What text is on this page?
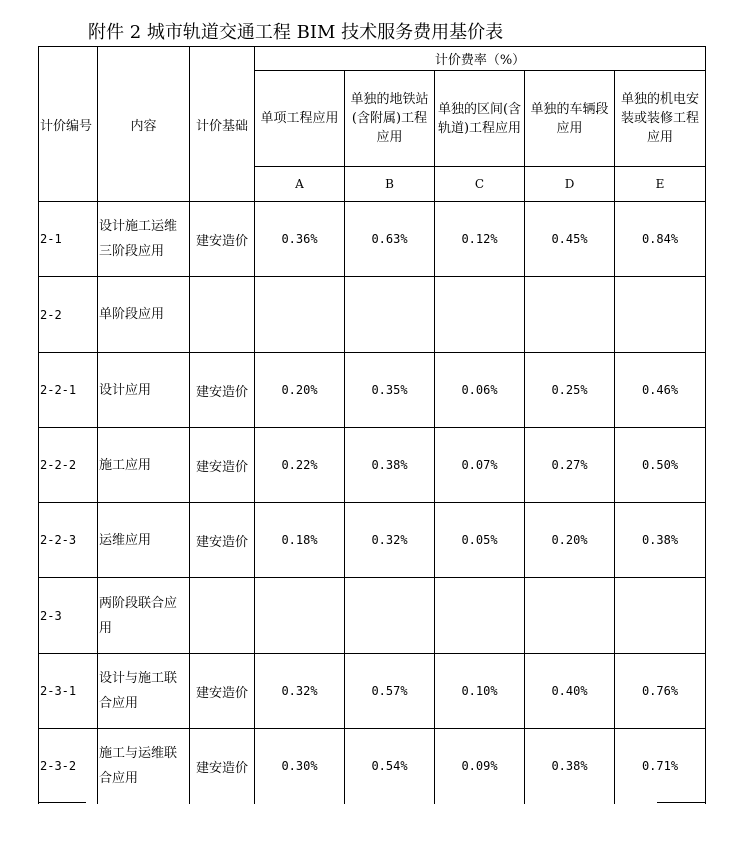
附件 2 城市轨道交通工程 BIM 技术服务费用基价表
计价编号	内容	计价基础	计价费率（%）				
			单项工程应用	单独的地铁站(含附属)工程应用	单独的区间(含轨道)工程应用	单独的车辆段应用	单独的机电安装或装修工程应用
			A	B	C	D	E
2-1	设计施工运维三阶段应用	建安造价	0.36%	0.63%	0.12%	0.45%	0.84%
2-2	单阶段应用						
2-2-1	设计应用	建安造价	0.20%	0.35%	0.06%	0.25%	0.46%
2-2-2	施工应用	建安造价	0.22%	0.38%	0.07%	0.27%	0.50%
2-2-3	运维应用	建安造价	0.18%	0.32%	0.05%	0.20%	0.38%
2-3	两阶段联合应用						
2-3-1	设计与施工联合应用	建安造价	0.32%	0.57%	0.10%	0.40%	0.76%
2-3-2	施工与运维联合应用	建安造价	0.30%	0.54%	0.09%	0.38%	0.71%
